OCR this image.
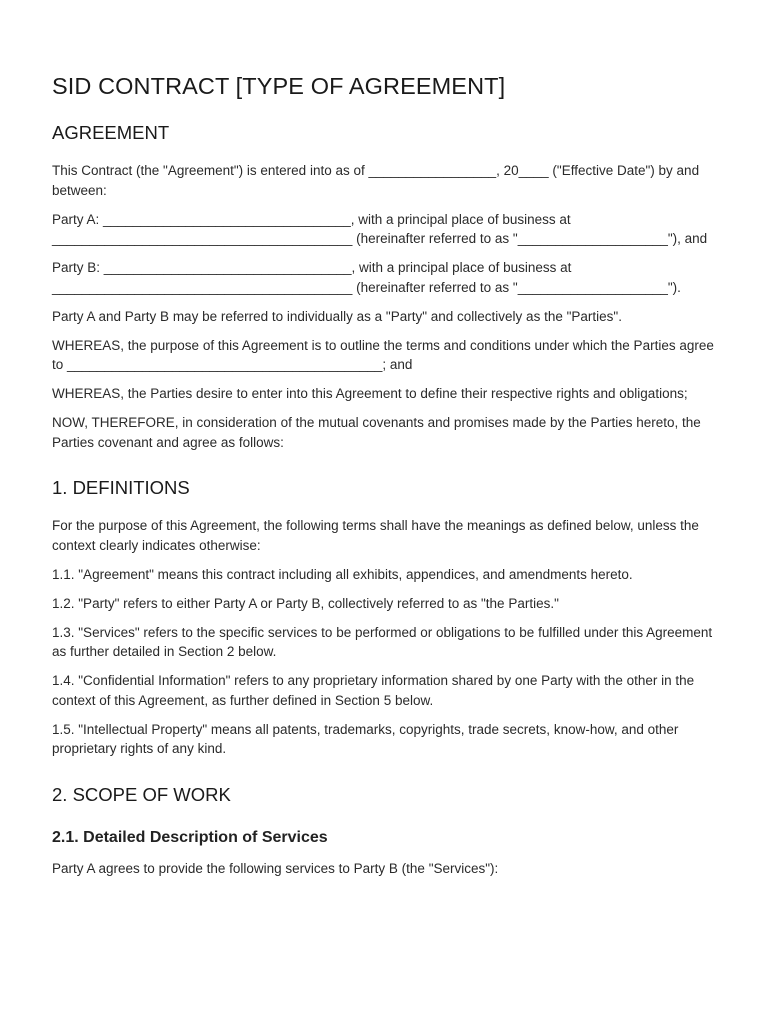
SID CONTRACT [TYPE OF AGREEMENT]
AGREEMENT

This Contract (the "Agreement") is entered into as of _________________, 20____ ("Effective Date") by and between:

Party A: _________________________________, with a principal place of business at ________________________________________ (hereinafter referred to as "____________________"), and

Party B: _________________________________, with a principal place of business at ________________________________________ (hereinafter referred to as "____________________").

Party A and Party B may be referred to individually as a "Party" and collectively as the "Parties".

WHEREAS, the purpose of this Agreement is to outline the terms and conditions under which the Parties agree to __________________________________________; and

WHEREAS, the Parties desire to enter into this Agreement to define their respective rights and obligations;

NOW, THEREFORE, in consideration of the mutual covenants and promises made by the Parties hereto, the Parties covenant and agree as follows:

1. DEFINITIONS

For the purpose of this Agreement, the following terms shall have the meanings as defined below, unless the context clearly indicates otherwise:

1.1. "Agreement" means this contract including all exhibits, appendices, and amendments hereto.

1.2. "Party" refers to either Party A or Party B, collectively referred to as "the Parties."

1.3. "Services" refers to the specific services to be performed or obligations to be fulfilled under this Agreement as further detailed in Section 2 below.

1.4. "Confidential Information" refers to any proprietary information shared by one Party with the other in the context of this Agreement, as further defined in Section 5 below.

1.5. "Intellectual Property" means all patents, trademarks, copyrights, trade secrets, know-how, and other proprietary rights of any kind.

2. SCOPE OF WORK
2.1. Detailed Description of Services

Party A agrees to provide the following services to Party B (the "Services"):
